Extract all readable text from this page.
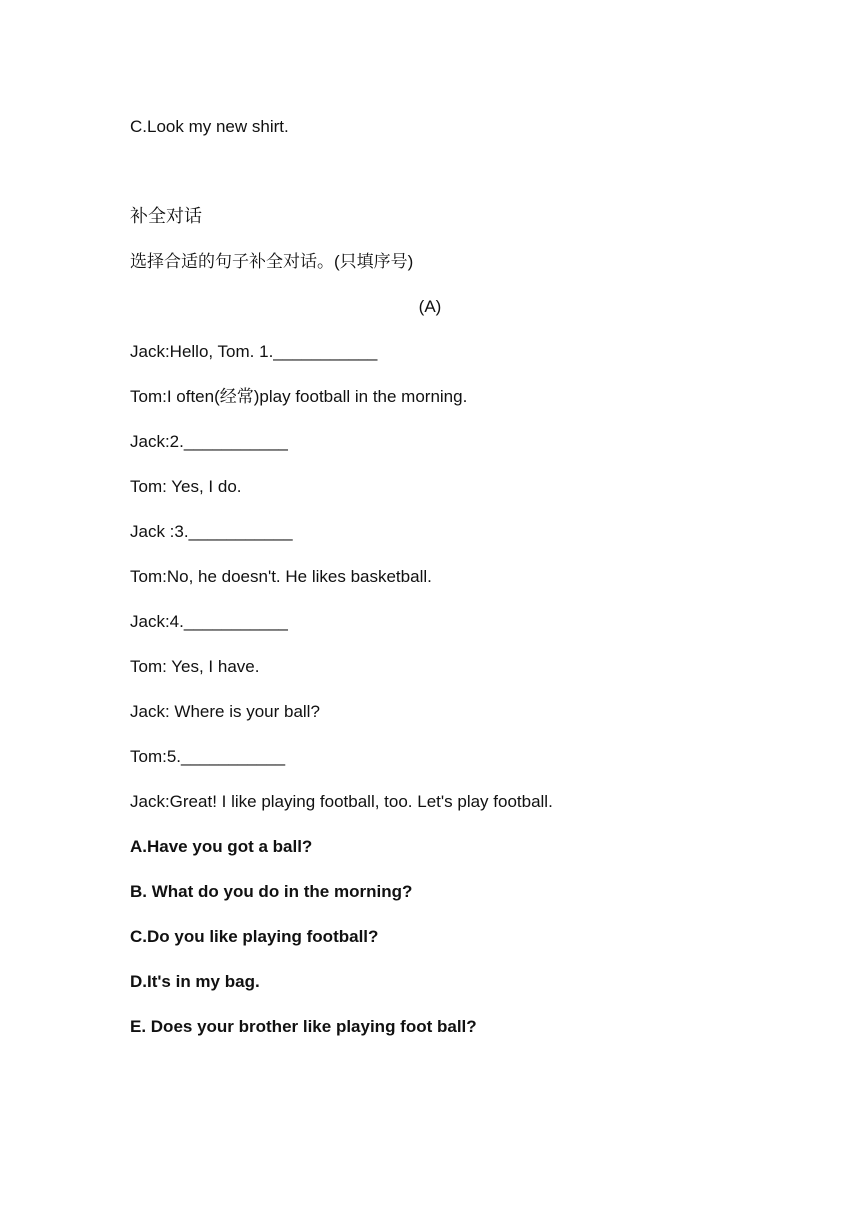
C.Look my new shirt.
补全对话
选择合适的句子补全对话。(只填序号)
(A)
Jack:Hello, Tom. 1.___________
Tom:I often(经常)play football in the morning.
Jack:2.___________
Tom: Yes, I do.
Jack :3.___________
Tom:No, he doesn't. He likes basketball.
Jack:4.___________
Tom: Yes, I have.
Jack: Where is your ball?
Tom:5.___________
Jack:Great! I like playing football, too. Let's play football.
A.Have you got a ball?
B. What do you do in the morning?
C.Do you like playing football?
D.It's in my bag.
E. Does your brother like playing foot ball?
